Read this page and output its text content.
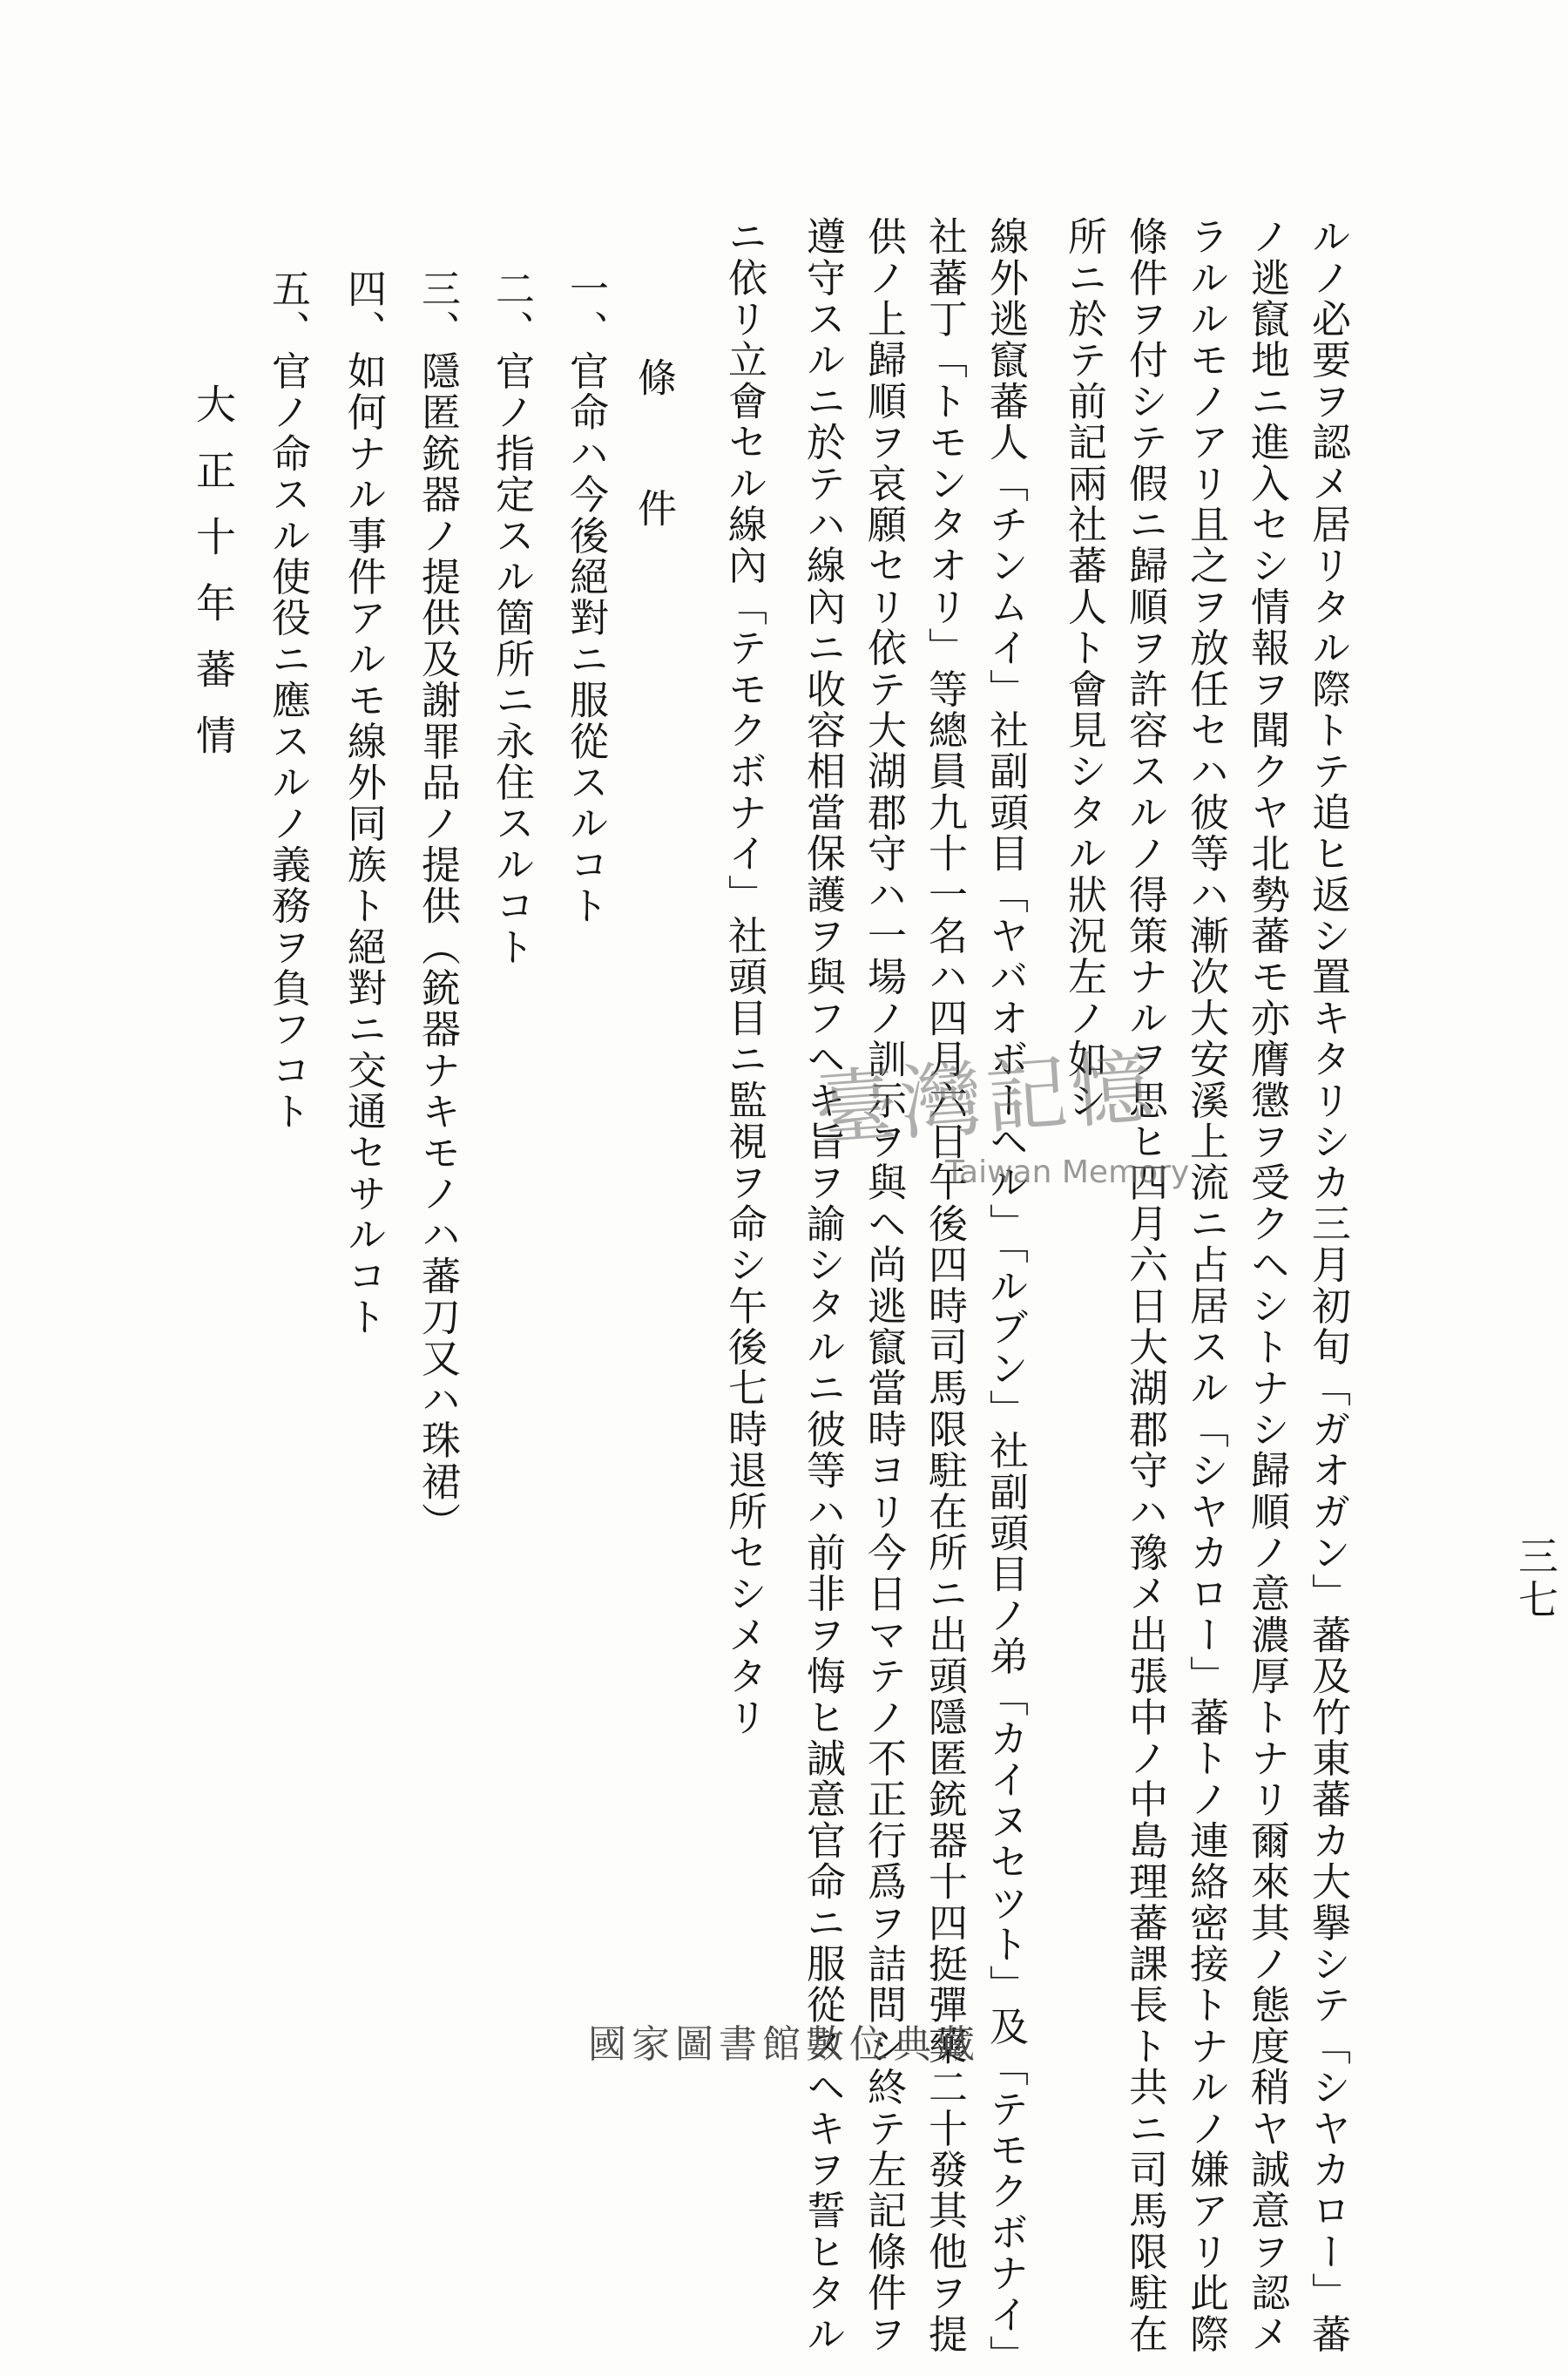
ルノ必要ヲ認メ居リタル際トテ追ヒ返シ置キタリシカ三月初旬「ガオガン」蕃及竹東蕃カ大擧シテ「シヤカロー」蕃
ノ逃竄地ニ進入セシ情報ヲ聞クヤ北勢蕃モ亦膺懲ヲ受クヘシトナシ歸順ノ意濃厚トナリ爾來其ノ態度稍ヤ誠意ヲ認メ
ラルルモノアリ且之ヲ放任セハ彼等ハ漸次大安溪上流ニ占居スル「シヤカロー」蕃トノ連絡密接トナルノ嫌アリ此際
條件ヲ付シテ假ニ歸順ヲ許容スルノ得策ナルヲ思ヒ四月六日大湖郡守ハ豫メ出張中ノ中島理蕃課長ト共ニ司馬限駐在
所ニ於テ前記兩社蕃人ト會見シタル狀況左ノ如シ
線外逃竄蕃人「チンムイ」社副頭目「ヤバオボーヘル」「ルブン」社副頭目ノ弟「カイヌセツト」及「テモクボナイ」
社蕃丁「トモンタオリ」等總員九十一名ハ四月六日午後四時司馬限駐在所ニ出頭隱匿銃器十四挺彈藥二十發其他ヲ提
供ノ上歸順ヲ哀願セリ依テ大湖郡守ハ一場ノ訓示ヲ與ヘ尚逃竄當時ヨリ今日マテノ不正行爲ヲ詰問シ終テ左記條件ヲ
遵守スルニ於テハ線內ニ收容相當保護ヲ與フヘキ旨ヲ諭シタルニ彼等ハ前非ヲ悔ヒ誠意官命ニ服從スヘキヲ誓ヒタル
ニ依リ立會セル線內「テモクボナイ」社頭目ニ監視ヲ命シ午後七時退所セシメタリ
條　件
一、官命ハ今後絕對ニ服從スルコト
二、官ノ指定スル箇所ニ永住スルコト
三、隱匿銃器ノ提供及謝罪品ノ提供（銃器ナキモノハ蕃刀又ハ珠裙）
四、如何ナル事件アルモ線外同族ト絕對ニ交通セサルコト
五、官ノ命スル使役ニ應スルノ義務ヲ負フコト
大正十年蕃情
三七
臺灣記憶
Taiwan Memory
國家圖書館數位典藏
